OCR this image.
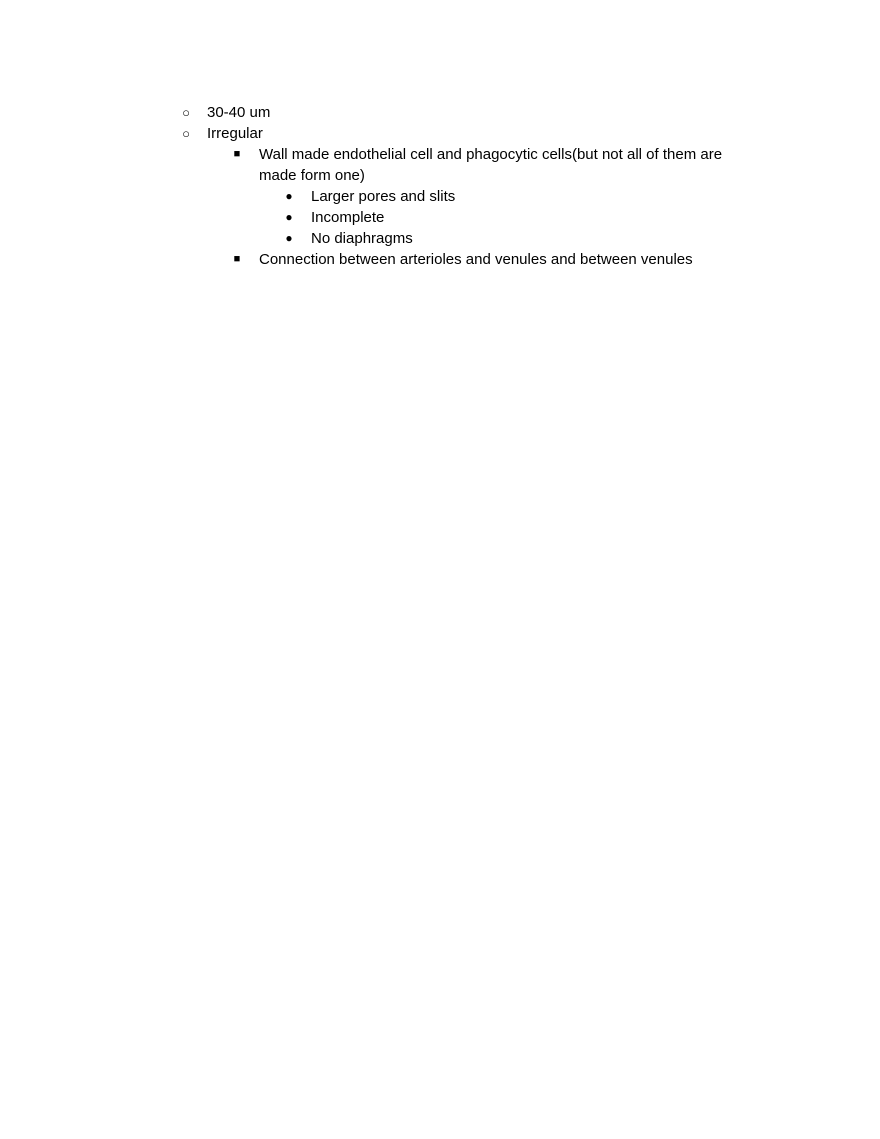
○ 30-40 um
○ Irregular
■	Wall made endothelial cell and phagocytic cells(but not all of them are
made form one)
● Larger pores and slits
● Incomplete
● No diaphragms
■	Connection between arterioles and venules and between venules
